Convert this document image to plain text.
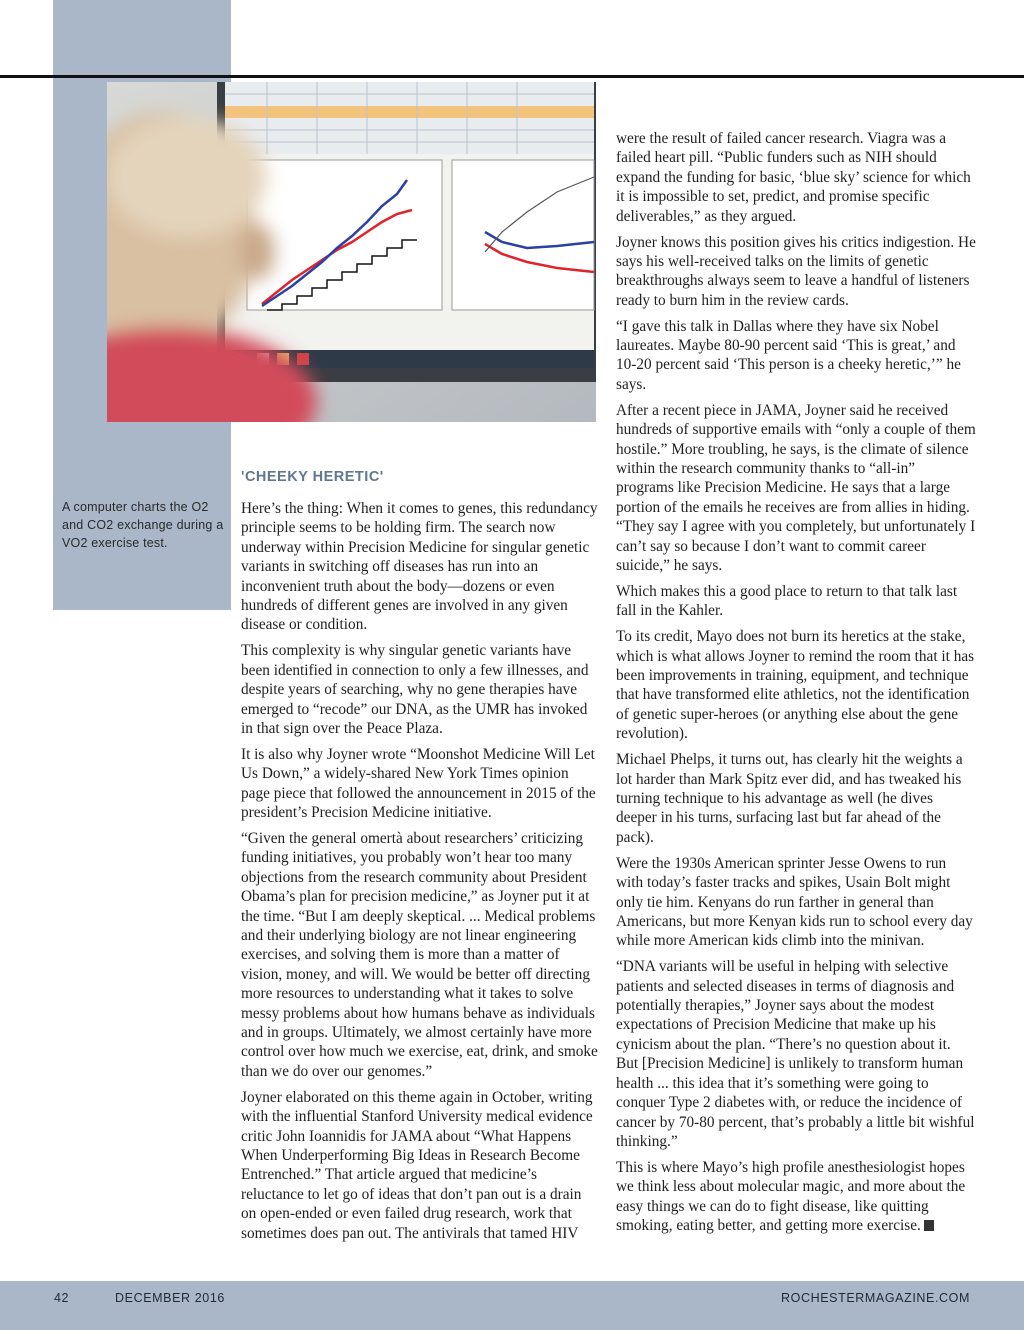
A computer charts the O2 and CO2 exchange during a VO2 exercise test.
'CHEEKY HERETIC'

Here’s the thing: When it comes to genes, this redundancy principle seems to be holding firm. The search now underway within Precision Medicine for singular genetic variants in switching off diseases has run into an inconvenient truth about the body—dozens or even hundreds of different genes are involved in any given disease or condition.

This complexity is why singular genetic variants have been identified in connection to only a few illnesses, and despite years of searching, why no gene therapies have emerged to “recode” our DNA, as the UMR has invoked in that sign over the Peace Plaza.

It is also why Joyner wrote “Moonshot Medicine Will Let Us Down,” a widely-shared New York Times opinion page piece that followed the announcement in 2015 of the president’s Precision Medicine initiative.

“Given the general omertà about researchers’ criticizing funding initiatives, you probably won’t hear too many objections from the research community about President Obama’s plan for precision medicine,” as Joyner put it at the time. “But I am deeply skeptical. ... Medical problems and their underlying biology are not linear engineering exercises, and solving them is more than a matter of vision, money, and will. We would be better off directing more resources to understanding what it takes to solve messy problems about how humans behave as individuals and in groups. Ultimately, we almost certainly have more control over how much we exercise, eat, drink, and smoke than we do over our genomes.”

Joyner elaborated on this theme again in October, writing with the influential Stanford University medical evidence critic John Ioannidis for JAMA about “What Happens When Underperforming Big Ideas in Research Become Entrenched.” That article argued that medicine’s reluctance to let go of ideas that don’t pan out is a drain on open-ended or even failed drug research, work that sometimes does pan out. The antivirals that tamed HIV

were the result of failed cancer research. Viagra was a failed heart pill. “Public funders such as NIH should expand the funding for basic, ‘blue sky’ science for which it is impossible to set, predict, and promise specific deliverables,” as they argued.

Joyner knows this position gives his critics indigestion. He says his well-received talks on the limits of genetic breakthroughs always seem to leave a handful of listeners ready to burn him in the review cards.

“I gave this talk in Dallas where they have six Nobel laureates. Maybe 80-90 percent said ‘This is great,’ and 10-20 percent said ‘This person is a cheeky heretic,’” he says.

After a recent piece in JAMA, Joyner said he received hundreds of supportive emails with “only a couple of them hostile.” More troubling, he says, is the climate of silence within the research community thanks to “all-in” programs like Precision Medicine. He says that a large portion of the emails he receives are from allies in hiding. “They say I agree with you completely, but unfortunately I can’t say so because I don’t want to commit career suicide,” he says.

Which makes this a good place to return to that talk last fall in the Kahler.

To its credit, Mayo does not burn its heretics at the stake, which is what allows Joyner to remind the room that it has been improvements in training, equipment, and technique that have transformed elite athletics, not the identification of genetic super-heroes (or anything else about the gene revolution).

Michael Phelps, it turns out, has clearly hit the weights a lot harder than Mark Spitz ever did, and has tweaked his turning technique to his advantage as well (he dives deeper in his turns, surfacing last but far ahead of the pack).

Were the 1930s American sprinter Jesse Owens to run with today’s faster tracks and spikes, Usain Bolt might only tie him. Kenyans do run farther in general than Americans, but more Kenyan kids run to school every day while more American kids climb into the minivan.

“DNA variants will be useful in helping with selective patients and selected diseases in terms of diagnosis and potentially therapies,” Joyner says about the modest expectations of Precision Medicine that make up his cynicism about the plan. “There’s no question about it. But [Precision Medicine] is unlikely to transform human health ... this idea that it’s something were going to conquer Type 2 diabetes with, or reduce the incidence of cancer by 70-80 percent, that’s probably a little bit wishful thinking.”

This is where Mayo’s high profile anesthesiologist hopes we think less about molecular magic, and more about the easy things we can do to fight disease, like quitting smoking, eating better, and getting more exercise.

42	DECEMBER 2016	ROCHESTERMAGAZINE.COM
